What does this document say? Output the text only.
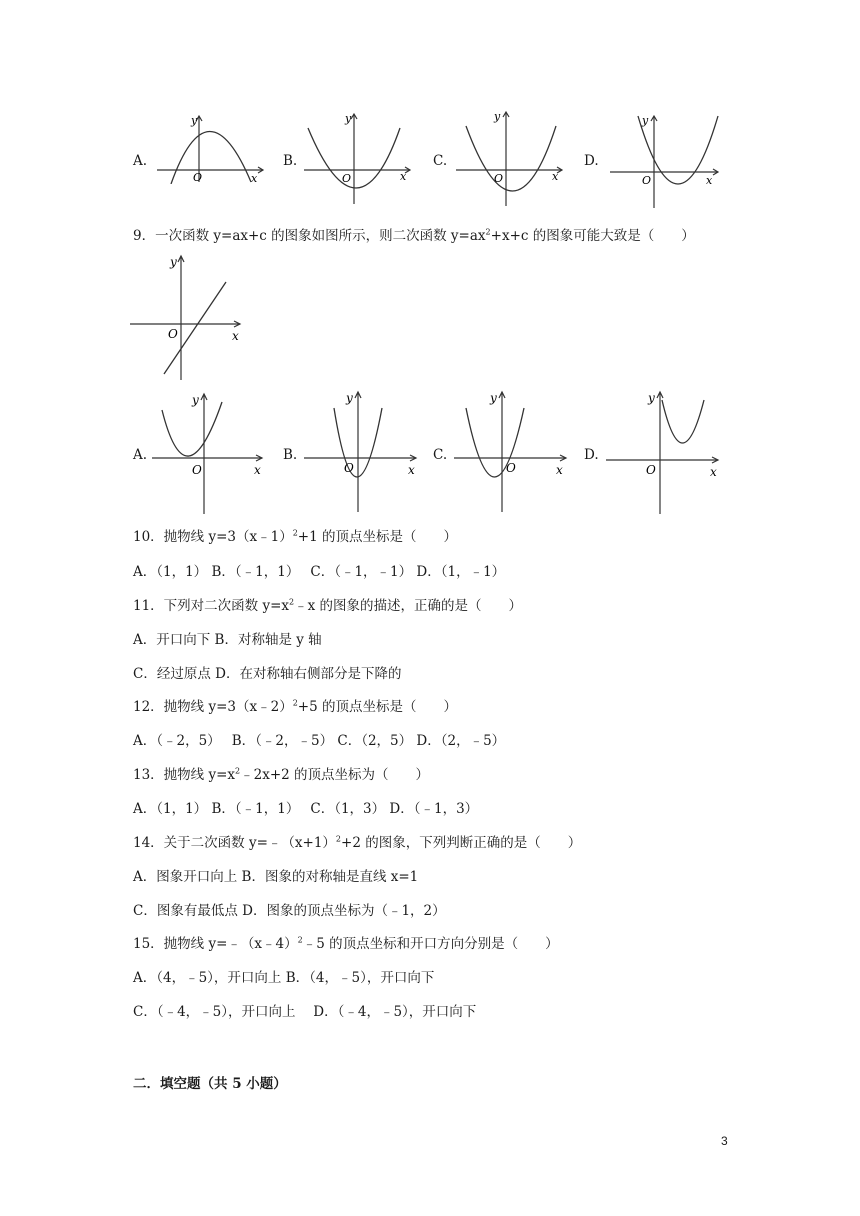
A.
y
x
O
B.
y
x
O
C.
y
x
O
D.
y
x
O
9．一次函数 y=ax+c 的图象如图所示，则二次函数 $y=ax^2+x+c$ 的图象可能大致是（　　）
y
x
O
A.
y
x
O
B.
y
x
O
C.
y
x
O
D.
y
x
O
10．抛物线 y=3（x﹣1）$^2$+1 的顶点坐标是（　　）
A．（1，1） B．（﹣1，1）　 C．（﹣1，﹣1） D．（1，﹣1）
11．下列对二次函数 $y=x^2﹣x$ 的图象的描述，正确的是（　　）
A．开口向下 B．对称轴是 y 轴
C．经过原点 D．在对称轴右侧部分是下降的
12．抛物线 y=3（x﹣2）$^2$+5 的顶点坐标是（　　）
A．（﹣2，5）　 B．（﹣2，﹣5） C．（2，5） D．（2，﹣5）
13．抛物线 $y=x^2﹣2x+2$ 的顶点坐标为（　　）
A．（1，1） B．（﹣1，1）　 C．（1，3） D．（﹣1，3）
14．关于二次函数 $y=﹣(x+1)^2+2$ 的图象，下列判断正确的是（　　）
A．图象开口向上 B．图象的对称轴是直线 x=1
C．图象有最低点 D．图象的顶点坐标为（﹣1，2）
15．抛物线 y=﹣（x﹣4）$^2$﹣5 的顶点坐标和开口方向分别是（　　）
A．（4，﹣5），开口向上 B．（4，﹣5），开口向下
C．（﹣4，﹣5），开口向上　 D．（﹣4，﹣5），开口向下
二．填空题（共 5 小题）
3
